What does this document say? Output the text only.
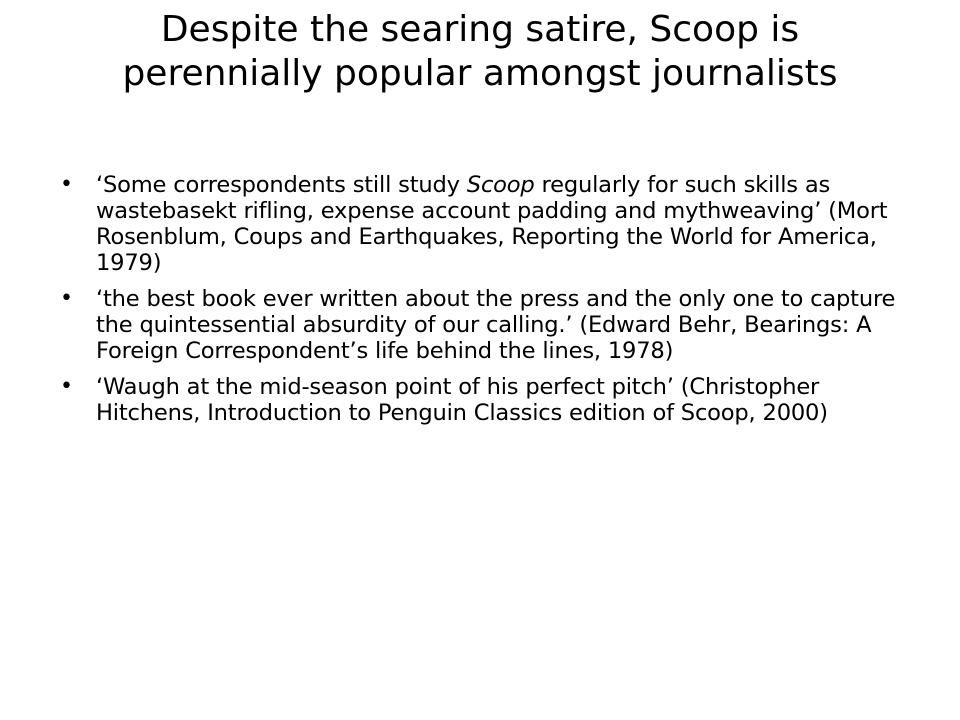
Despite the searing satire, Scoop is perennially popular amongst journalists
•	‘Some correspondents still study Scoop regularly for such skills as wastebasekt rifling, expense account padding and mythweaving’ (Mort Rosenblum, Coups and Earthquakes, Reporting the World for America, 1979)
•	‘the best book ever written about the press and the only one to capture the quintessential absurdity of our calling.’ (Edward Behr, Bearings: A Foreign Correspondent’s life behind the lines, 1978)
•	‘Waugh at the mid-season point of his perfect pitch’ (Christopher Hitchens, Introduction to Penguin Classics edition of Scoop, 2000)
